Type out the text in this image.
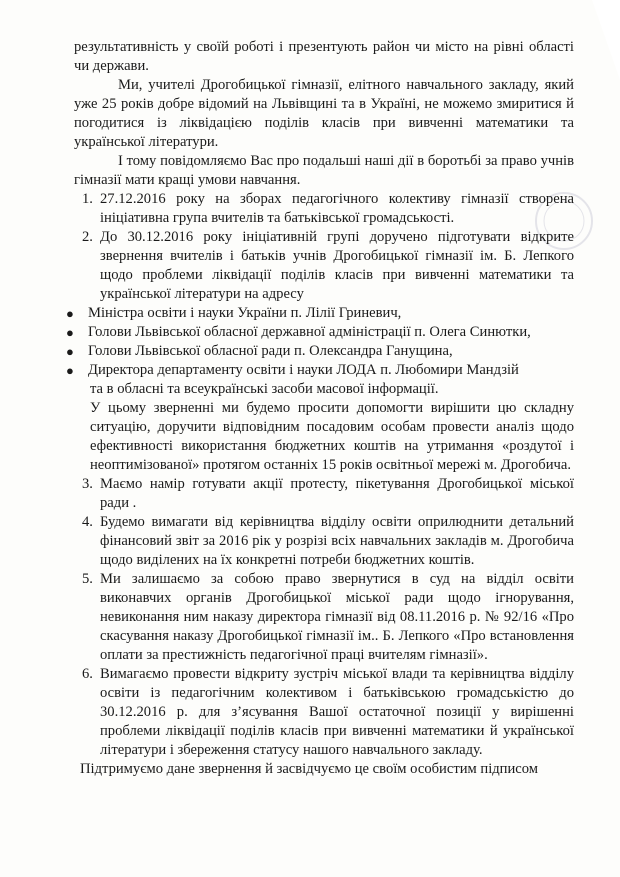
результативність у своїй роботі і презентують район чи місто на рівні області чи держави.

Ми, учителі Дрогобицької гімназії, елітного навчального закладу, який уже 25 років добре відомий на Львівщині та в Україні, не можемо змиритися й погодитися із ліквідацією поділів класів при вивченні математики та української літератури.

І тому повідомляємо Вас про подальші наші дії в боротьбі за право учнів гімназії мати кращі умови навчання.

1. 27.12.2016 року на зборах педагогічного колективу гімназії створена ініціативна група вчителів та батьківської громадськості.
2. До 30.12.2016 року ініціативній групі доручено підготувати відкрите звернення вчителів і батьків учнів Дрогобицької гімназії ім. Б. Лепкого щодо проблеми ліквідації поділів класів при вивченні математики та української літератури на адресу
● Міністра освіти і науки України п. Лілії Гриневич,
● Голови Львівської обласної державної адміністрації п. Олега Синютки,
● Голови Львівської обласної ради п. Олександра Ганущина,
● Директора департаменту освіти і науки ЛОДА п. Любомири Мандзій

та в обласні та всеукраїнські засоби масової інформації.

У цьому зверненні ми будемо просити допомогти вирішити цю складну ситуацію, доручити відповідним посадовим особам провести аналіз щодо ефективності використання бюджетних коштів на утримання «роздутої і неоптимізованої» протягом останніх 15 років освітньої мережі м. Дрогобича.

3. Маємо намір готувати акції протесту, пікетування Дрогобицької міської ради .
4. Будемо вимагати від керівництва відділу освіти оприлюднити детальний фінансовий звіт за 2016 рік у розрізі всіх навчальних закладів м. Дрогобича щодо виділених на їх конкретні потреби бюджетних коштів.
5. Ми залишаємо за собою право звернутися в суд на відділ освіти виконавчих органів Дрогобицької міської ради щодо ігнорування, невиконання ним наказу директора гімназії від 08.11.2016 р. № 92/16 «Про скасування наказу Дрогобицької гімназії ім.. Б. Лепкого «Про встановлення оплати за престижність педагогічної праці вчителям гімназії».
6. Вимагаємо провести відкриту зустріч міської влади та керівництва відділу освіти із педагогічним колективом і батьківською громадськістю до 30.12.2016 р. для з’ясування Вашої остаточної позиції у вирішенні проблеми ліквідації поділів класів при вивченні математики й української літератури і збереження статусу нашого навчального закладу.

Підтримуємо дане звернення й засвідчуємо це своїм особистим підписом
